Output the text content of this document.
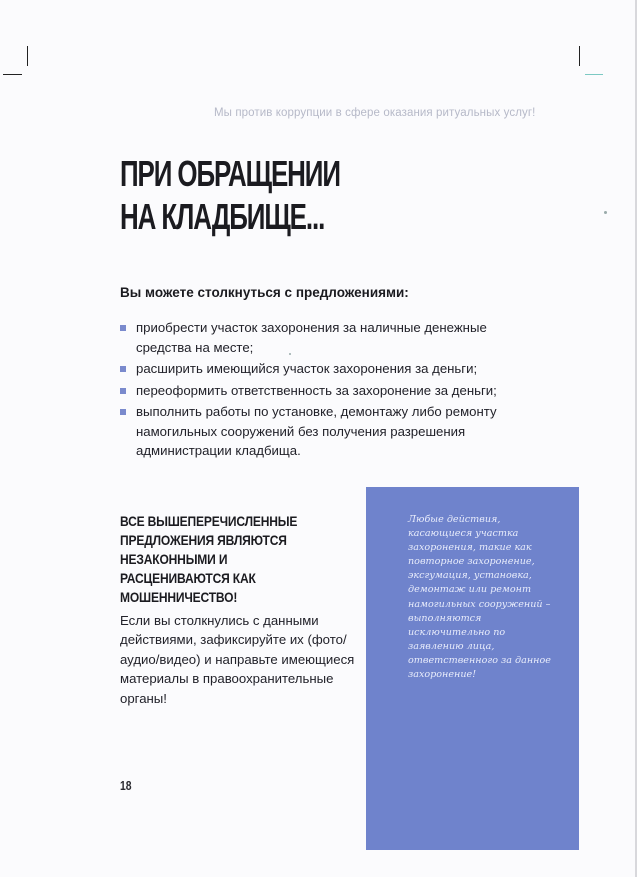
Мы против коррупции в сфере оказания ритуальных услуг!
ПРИ ОБРАЩЕНИИ
НА КЛАДБИЩЕ...
Вы можете столкнуться с предложениями:
приобрести участок захоронения за наличные денежные средства на месте;
расширить имеющийся участок захоронения за деньги;
переоформить ответственность за захоронение за деньги;
выполнить работы по установке, демонтажу либо ремонту намогильных сооружений без получения разрешения администрации кладбища.
ВСЕ ВЫШЕПЕРЕЧИСЛЕННЫЕ ПРЕДЛОЖЕНИЯ ЯВЛЯЮТСЯ НЕЗАКОННЫМИ И РАСЦЕНИВАЮТСЯ КАК МОШЕННИЧЕСТВО!
Если вы столкнулись с данными действиями, зафиксируйте их (фото/аудио/видео) и направьте имеющиеся материалы в правоохранительные органы!
Любые действия, касающиеся участка захоронения, такие как повторное захоронение, эксгумация, установка, демонтаж или ремонт намогильных сооружений – выполняются исключительно по заявлению лица, ответственного за данное захоронение!
18
